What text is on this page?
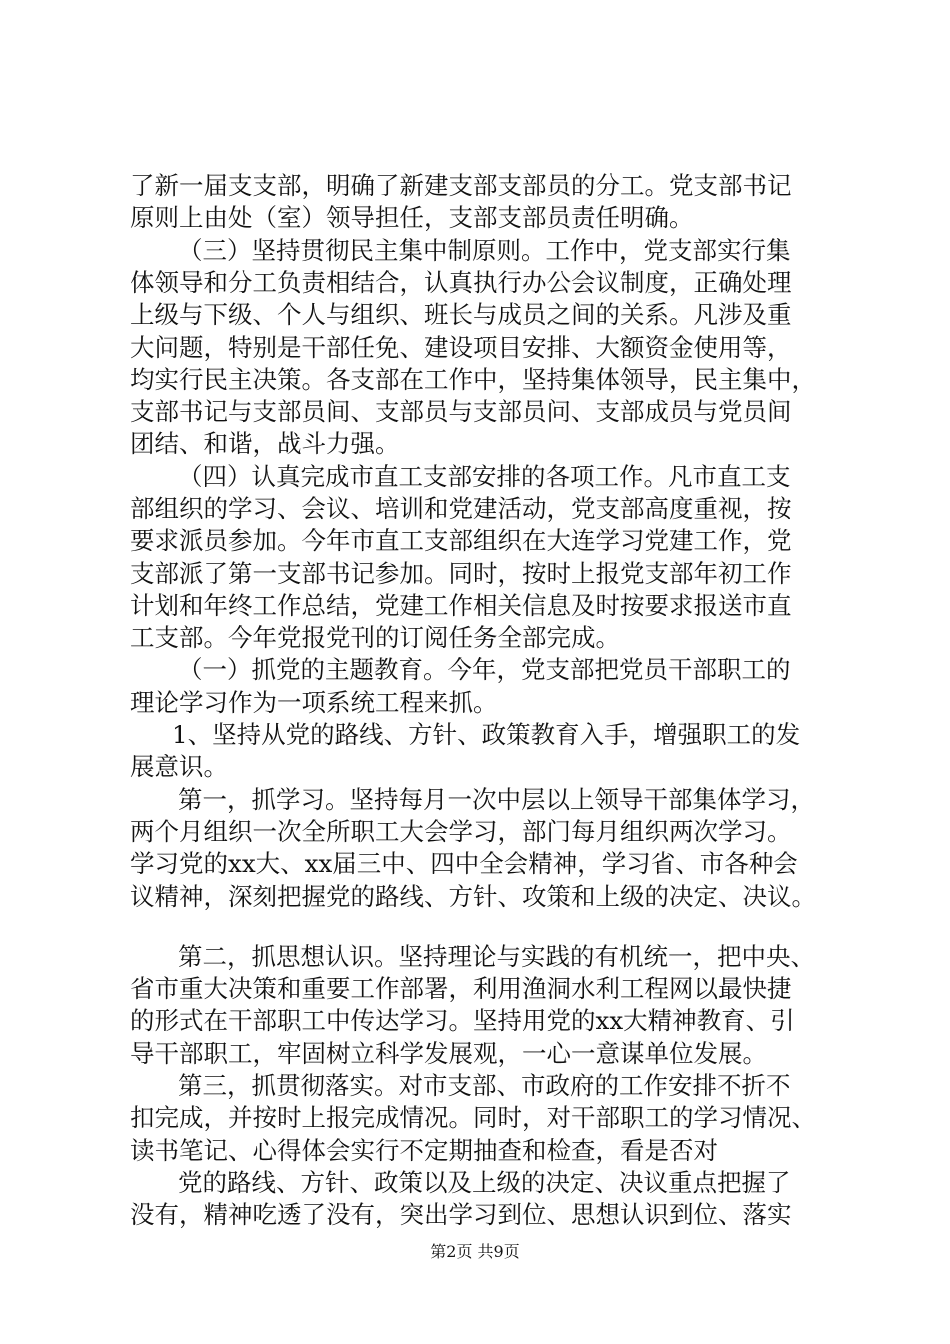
了新一届支支部，明确了新建支部支部员的分工。党支部书记

原则上由处（室）领导担任，支部支部员责任明确。

（三）坚持贯彻民主集中制原则。工作中，党支部实行集

体领导和分工负责相结合，认真执行办公会议制度，正确处理

上级与下级、个人与组织、班长与成员之间的关系。凡涉及重

大问题，特别是干部任免、建设项目安排、大额资金使用等，

均实行民主决策。各支部在工作中，坚持集体领导，民主集中，

支部书记与支部员间、支部员与支部员问、支部成员与党员间

团结、和谐，战斗力强。

（四）认真完成市直工支部安排的各项工作。凡市直工支

部组织的学习、会议、培训和党建活动，党支部高度重视，按

要求派员参加。今年市直工支部组织在大连学习党建工作，党

支部派了第一支部书记参加。同时，按时上报党支部年初工作

计划和年终工作总结，党建工作相关信息及时按要求报送市直

工支部。今年党报党刊的订阅任务全部完成。

（一）抓党的主题教育。今年，党支部把党员干部职工的

理论学习作为一项系统工程来抓。

1、坚持从党的路线、方针、政策教育入手，增强职工的发

展意识。

第一，抓学习。坚持每月一次中层以上领导干部集体学习，

两个月组织一次全所职工大会学习，部门每月组织两次学习。

学习党的xx大、xx届三中、四中全会精神，学习省、市各种会

议精神，深刻把握党的路线、方针、攻策和上级的决定、决议。

第二，抓思想认识。坚持理论与实践的有机统一，把中央、

省市重大决策和重要工作部署，利用渔洞水利工程网以最快捷

的形式在干部职工中传达学习。坚持用党的xx大精神教育、引

导干部职工，牢固树立科学发展观，一心一意谋单位发展。

第三，抓贯彻落实。对市支部、市政府的工作安排不折不

扣完成，并按时上报完成情况。同时，对干部职工的学习情况、

读书笔记、心得体会实行不定期抽查和检查，看是否对

党的路线、方针、政策以及上级的决定、决议重点把握了

没有，精神吃透了没有，突出学习到位、思想认识到位、落实

第2页 共9页
